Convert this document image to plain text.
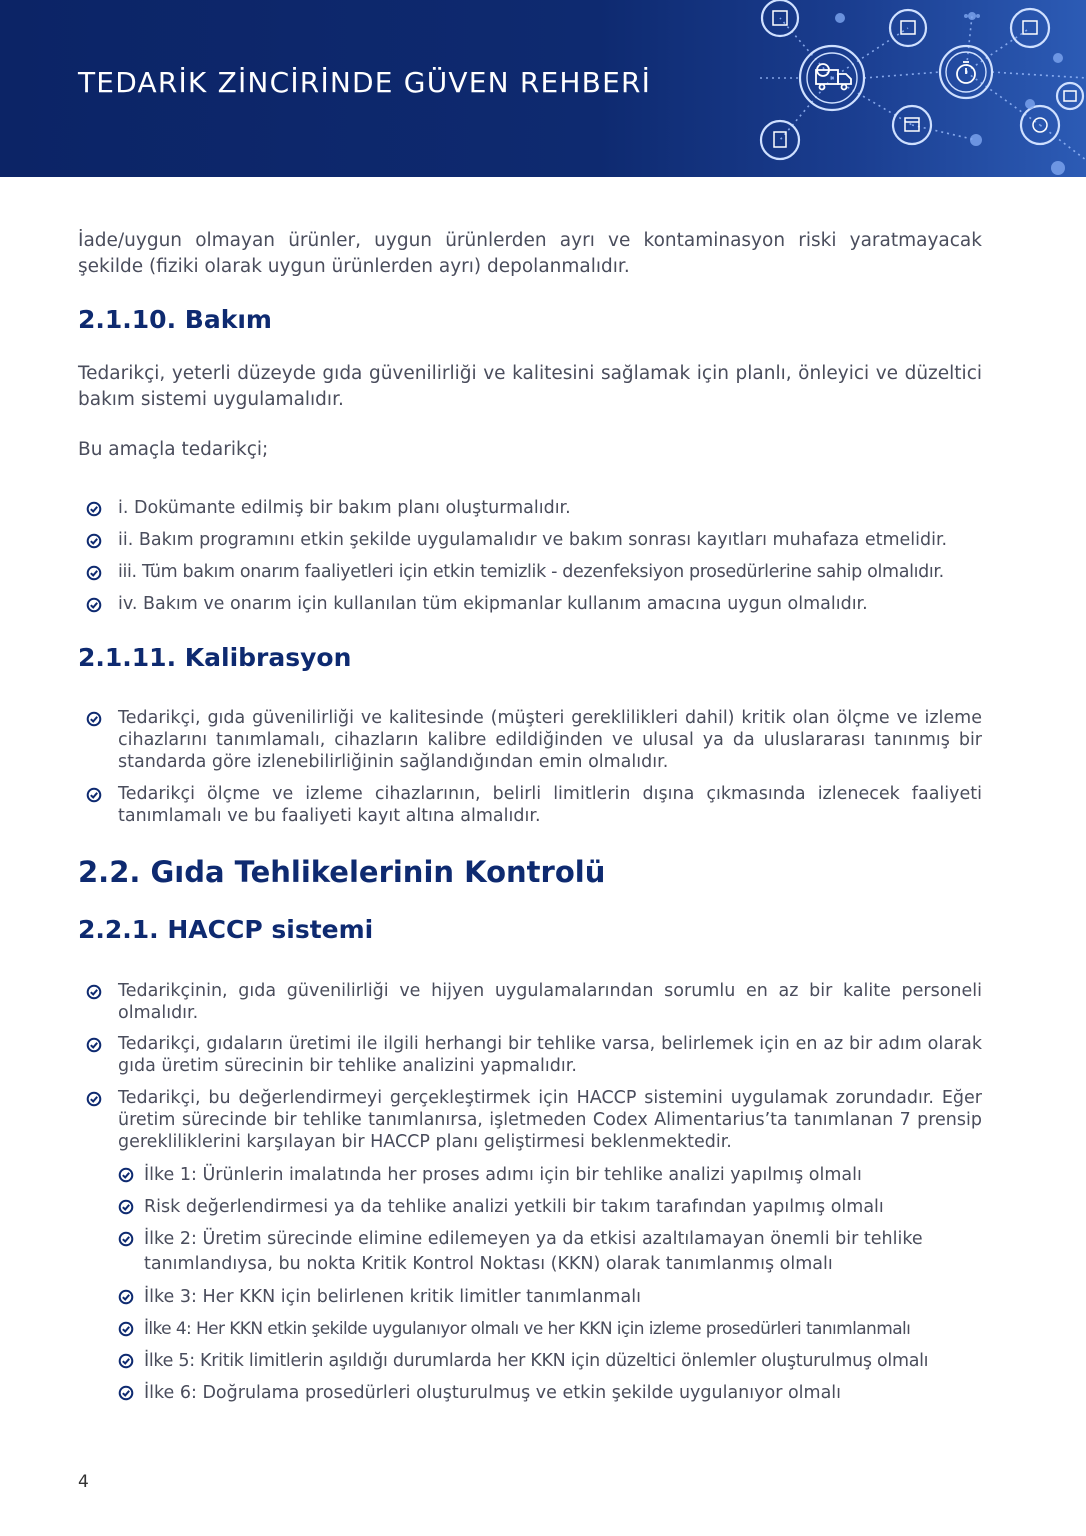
TEDARİK ZİNCİRİNDE GÜVEN REHBERİ

İade/uygun olmayan ürünler, uygun ürünlerden ayrı ve kontaminasyon riski yaratmayacak şekilde (fiziki olarak uygun ürünlerden ayrı) depolanmalıdır.

2.1.10. Bakım

Tedarikçi, yeterli düzeyde gıda güvenilirliği ve kalitesini sağlamak için planlı, önleyici ve düzeltici bakım sistemi uygulamalıdır.

Bu amaçla tedarikçi;

i. Dokümante edilmiş bir bakım planı oluşturmalıdır.
ii. Bakım programını etkin şekilde uygulamalıdır ve bakım sonrası kayıtları muhafaza etmelidir.
iii. Tüm bakım onarım faaliyetleri için etkin temizlik - dezenfeksiyon prosedürlerine sahip olmalıdır.
iv. Bakım ve onarım için kullanılan tüm ekipmanlar kullanım amacına uygun olmalıdır.
2.1.11. Kalibrasyon
Tedarikçi, gıda güvenilirliği ve kalitesinde (müşteri gereklilikleri dahil) kritik olan ölçme ve izleme cihazlarını tanımlamalı, cihazların kalibre edildiğinden ve ulusal ya da uluslararası tanınmış bir standarda göre izlenebilirliğinin sağlandığından emin olmalıdır.
Tedarikçi ölçme ve izleme cihazlarının, belirli limitlerin dışına çıkmasında izlenecek faaliyeti tanımlamalı ve bu faaliyeti kayıt altına almalıdır.
2.2. Gıda Tehlikelerinin Kontrolü
2.2.1. HACCP sistemi
Tedarikçinin, gıda güvenilirliği ve hijyen uygulamalarından sorumlu en az bir kalite personeli olmalıdır.
Tedarikçi, gıdaların üretimi ile ilgili herhangi bir tehlike varsa, belirlemek için en az bir adım olarak gıda üretim sürecinin bir tehlike analizini yapmalıdır.
Tedarikçi, bu değerlendirmeyi gerçekleştirmek için HACCP sistemini uygulamak zorundadır. Eğer üretim sürecinde bir tehlike tanımlanırsa, işletmeden Codex Alimentarius’ta tanımlanan 7 prensip gerekliliklerini karşılayan bir HACCP planı geliştirmesi beklenmektedir.
İlke 1: Ürünlerin imalatında her proses adımı için bir tehlike analizi yapılmış olmalı
Risk değerlendirmesi ya da tehlike analizi yetkili bir takım tarafından yapılmış olmalı
İlke 2: Üretim sürecinde elimine edilemeyen ya da etkisi azaltılamayan önemli bir tehlike tanımlandıysa, bu nokta Kritik Kontrol Noktası (KKN) olarak tanımlanmış olmalı
İlke 3: Her KKN için belirlenen kritik limitler tanımlanmalı
İlke 4: Her KKN etkin şekilde uygulanıyor olmalı ve her KKN için izleme prosedürleri tanımlanmalı
İlke 5: Kritik limitlerin aşıldığı durumlarda her KKN için düzeltici önlemler oluşturulmuş olmalı
İlke 6: Doğrulama prosedürleri oluşturulmuş ve etkin şekilde uygulanıyor olmalı
4
